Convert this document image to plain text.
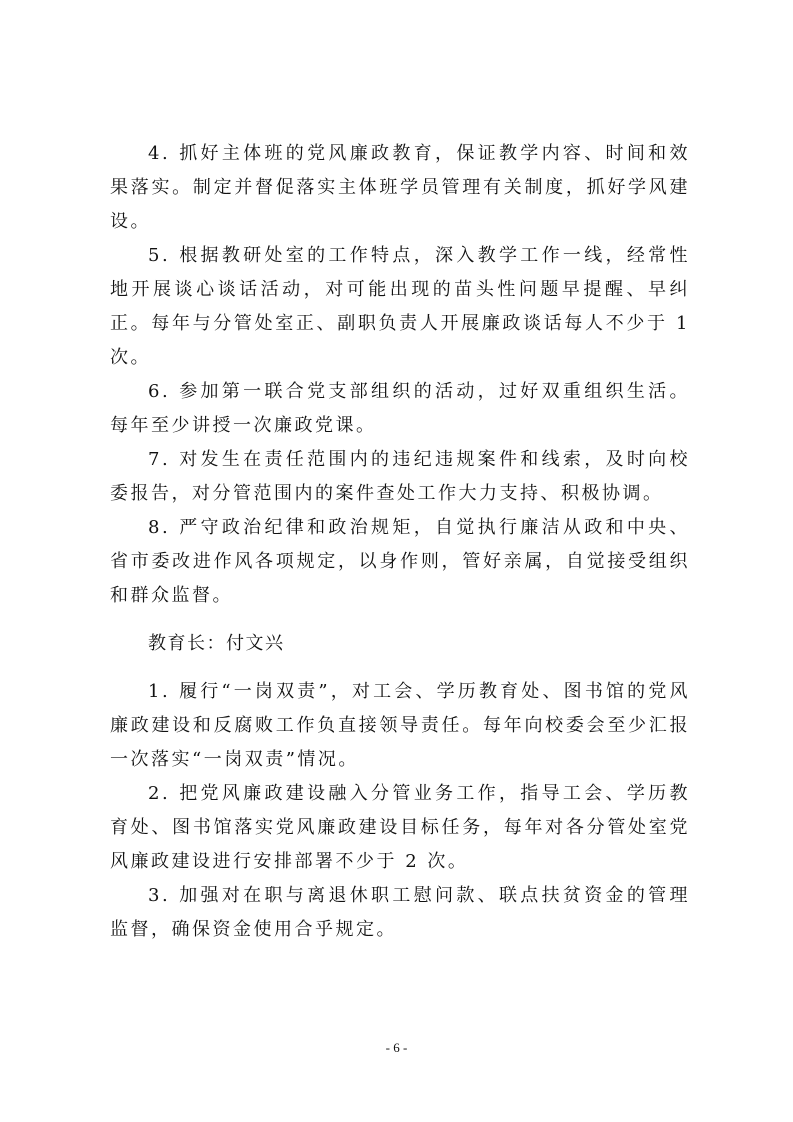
4. 抓好主体班的党风廉政教育，保证教学内容、时间和效果落实。制定并督促落实主体班学员管理有关制度，抓好学风建设。

5. 根据教研处室的工作特点，深入教学工作一线，经常性地开展谈心谈话活动，对可能出现的苗头性问题早提醒、早纠正。每年与分管处室正、副职负责人开展廉政谈话每人不少于 1 次。

6. 参加第一联合党支部组织的活动，过好双重组织生活。每年至少讲授一次廉政党课。

7. 对发生在责任范围内的违纪违规案件和线索，及时向校委报告，对分管范围内的案件查处工作大力支持、积极协调。

8. 严守政治纪律和政治规矩，自觉执行廉洁从政和中央、省市委改进作风各项规定，以身作则，管好亲属，自觉接受组织和群众监督。

教育长：付文兴

1. 履行“一岗双责”，对工会、学历教育处、图书馆的党风廉政建设和反腐败工作负直接领导责任。每年向校委会至少汇报一次落实“一岗双责”情况。

2. 把党风廉政建设融入分管业务工作，指导工会、学历教育处、图书馆落实党风廉政建设目标任务，每年对各分管处室党风廉政建设进行安排部署不少于 2 次。

3. 加强对在职与离退休职工慰问款、联点扶贫资金的管理监督，确保资金使用合乎规定。

- 6 -
